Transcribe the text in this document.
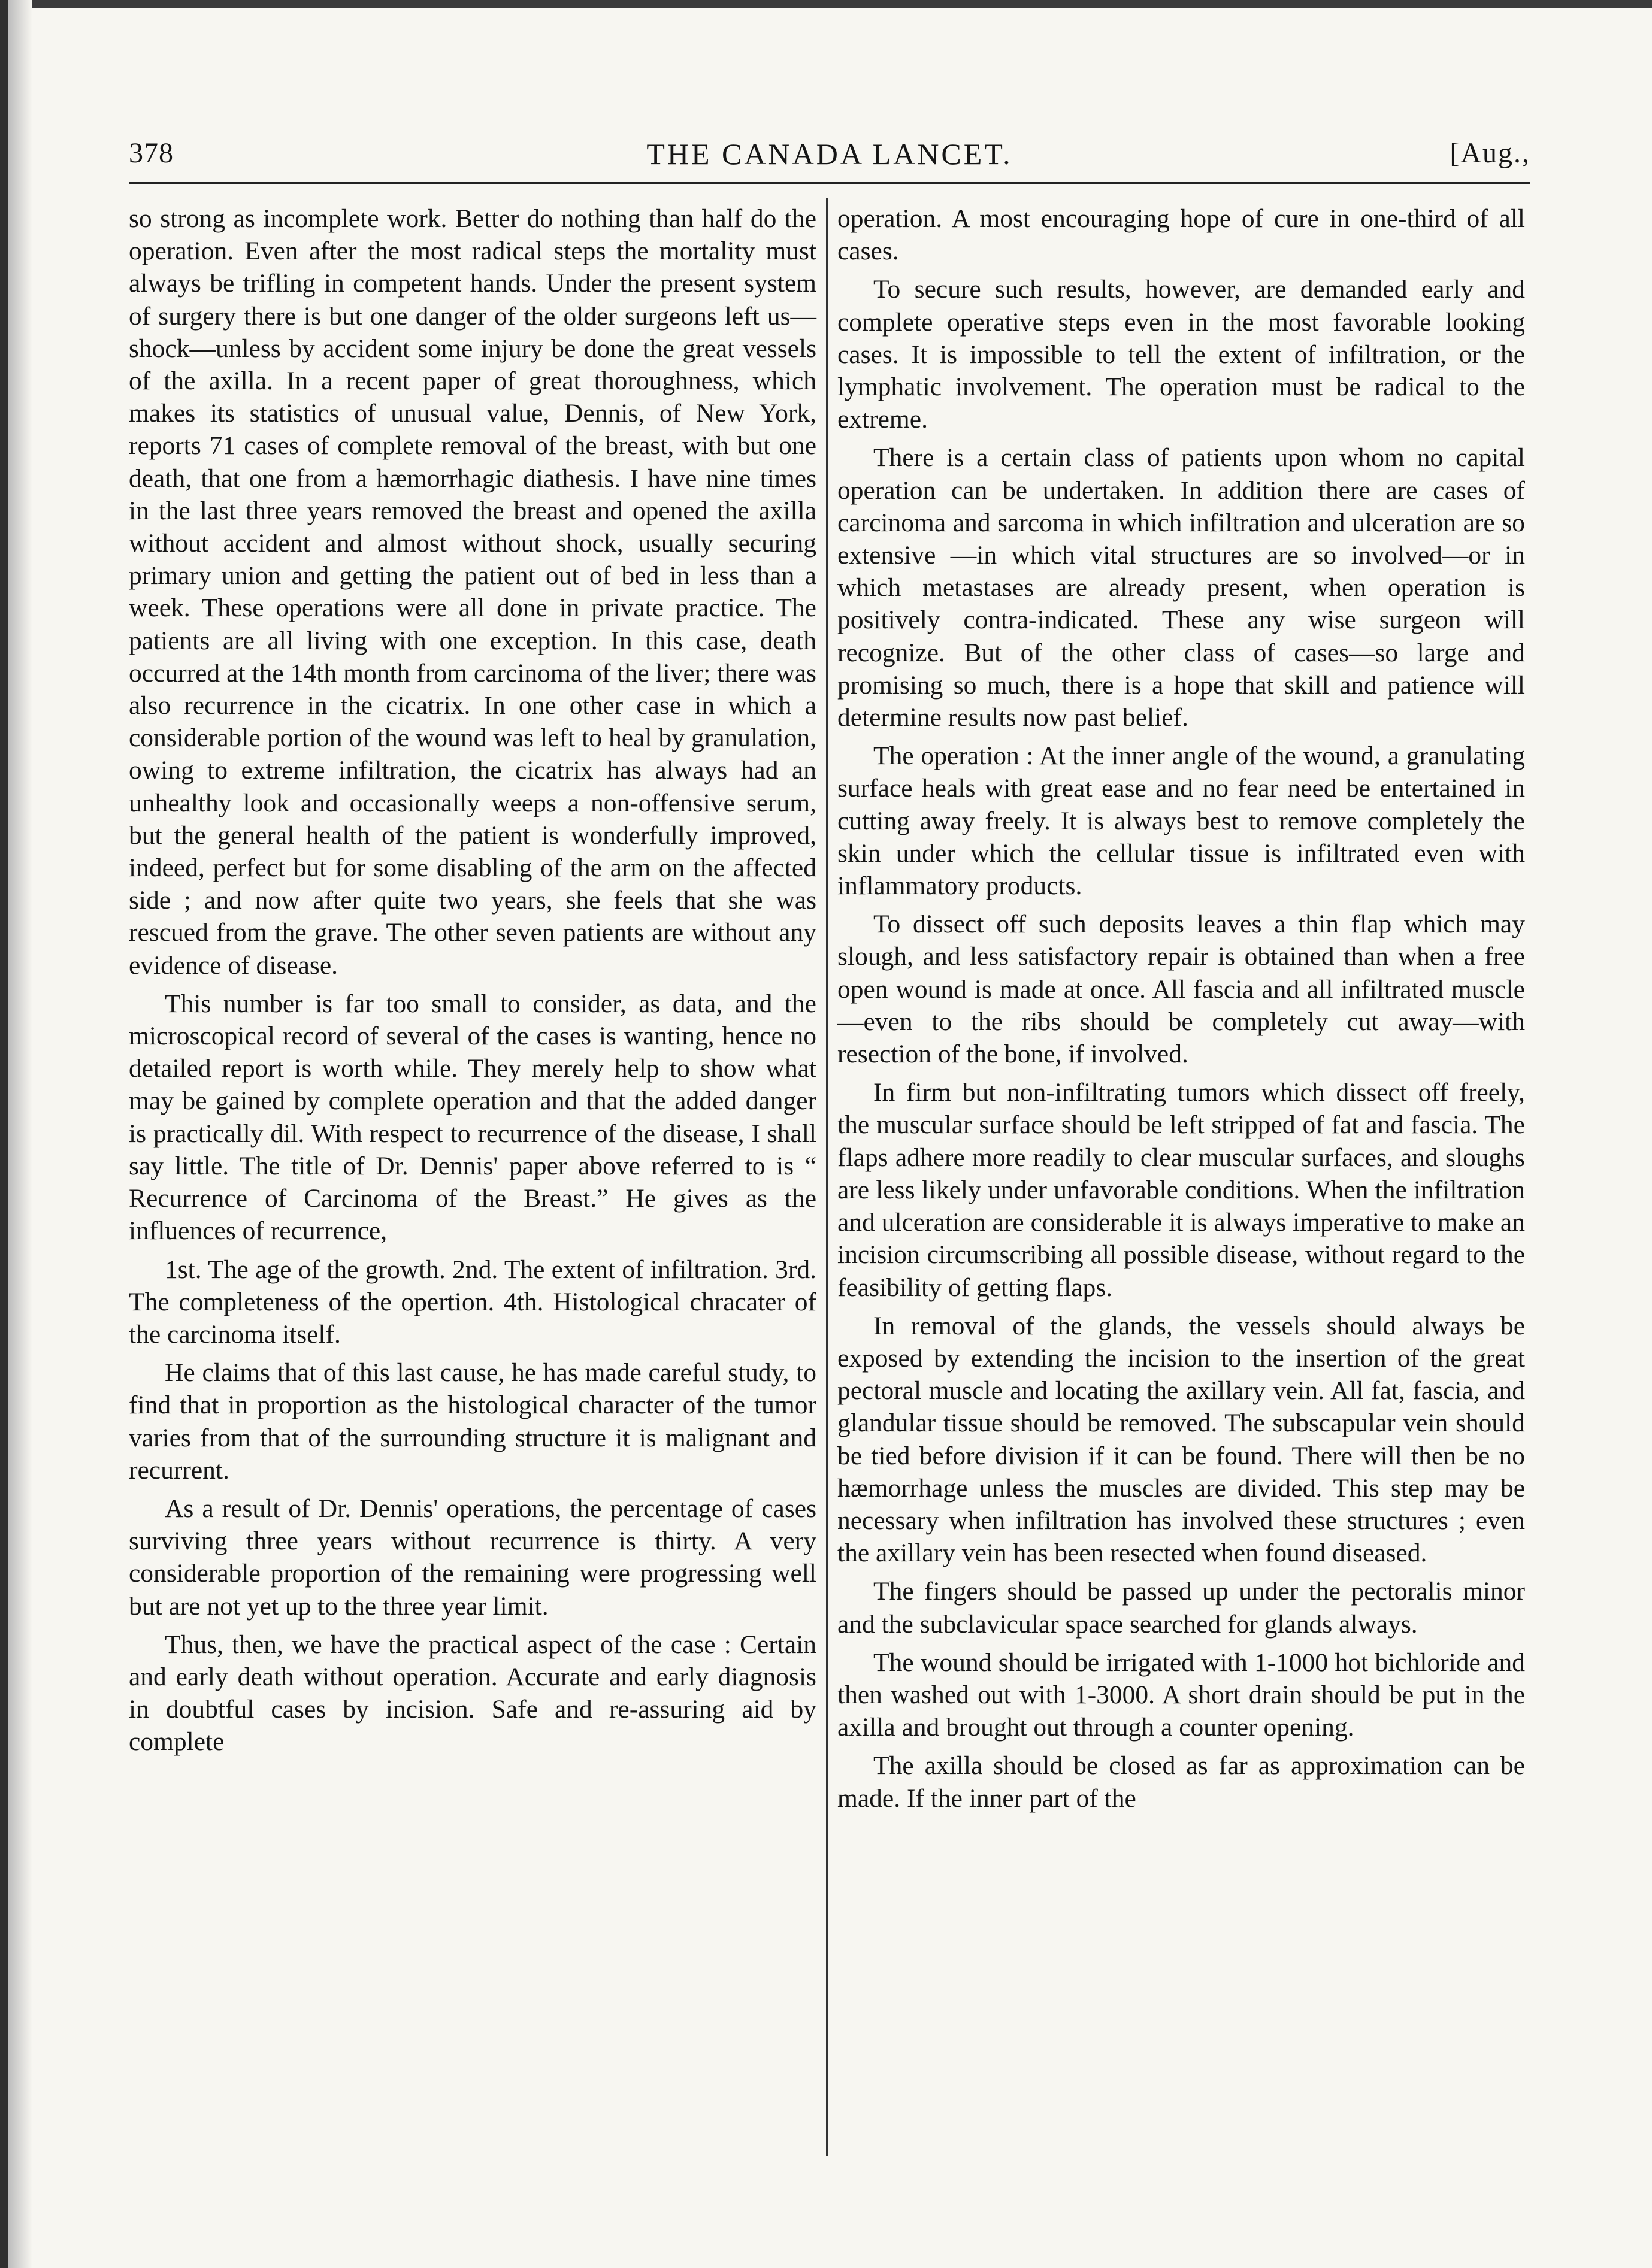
378	THE CANADA LANCET.	[Aug.,

so strong as incomplete work. Better do nothing than half do the operation. Even after the most radical steps the mortality must always be trifling in competent hands. Under the present system of surgery there is but one danger of the older surgeons left us—shock—unless by accident some injury be done the great vessels of the axilla. In a recent paper of great thoroughness, which makes its statistics of unusual value, Dennis, of New York, reports 71 cases of complete removal of the breast, with but one death, that one from a hæmorrhagic diathesis. I have nine times in the last three years removed the breast and opened the axilla without accident and almost without shock, usually securing primary union and getting the patient out of bed in less than a week. These operations were all done in private practice. The patients are all living with one exception. In this case, death occurred at the 14th month from carcinoma of the liver; there was also recurrence in the cicatrix. In one other case in which a considerable portion of the wound was left to heal by granulation, owing to extreme infiltration, the cicatrix has always had an unhealthy look and occasionally weeps a non-offensive serum, but the general health of the patient is wonderfully improved, indeed, perfect but for some disabling of the arm on the affected side ; and now after quite two years, she feels that she was rescued from the grave. The other seven patients are without any evidence of disease.

This number is far too small to consider, as data, and the microscopical record of several of the cases is wanting, hence no detailed report is worth while. They merely help to show what may be gained by complete operation and that the added danger is practically dil. With respect to recurrence of the disease, I shall say little. The title of Dr. Dennis' paper above referred to is “ Recurrence of Carcinoma of the Breast.” He gives as the influences of recurrence,

1st. The age of the growth. 2nd. The extent of infiltration. 3rd. The completeness of the opertion. 4th. Histological chracater of the carcinoma itself.

He claims that of this last cause, he has made careful study, to find that in proportion as the histological character of the tumor varies from that of the surrounding structure it is malignant and recurrent.

As a result of Dr. Dennis' operations, the percentage of cases surviving three years without recurrence is thirty. A very considerable proportion of the remaining were progressing well but are not yet up to the three year limit.

Thus, then, we have the practical aspect of the case : Certain and early death without operation. Accurate and early diagnosis in doubtful cases by incision. Safe and re-assuring aid by complete

operation. A most encouraging hope of cure in one-third of all cases.

To secure such results, however, are demanded early and complete operative steps even in the most favorable looking cases. It is impossible to tell the extent of infiltration, or the lymphatic involvement. The operation must be radical to the extreme.

There is a certain class of patients upon whom no capital operation can be undertaken. In addition there are cases of carcinoma and sarcoma in which infiltration and ulceration are so extensive —in which vital structures are so involved—or in which metastases are already present, when operation is positively contra-indicated. These any wise surgeon will recognize. But of the other class of cases—so large and promising so much, there is a hope that skill and patience will determine results now past belief.

The operation : At the inner angle of the wound, a granulating surface heals with great ease and no fear need be entertained in cutting away freely. It is always best to remove completely the skin under which the cellular tissue is infiltrated even with inflammatory products.

To dissect off such deposits leaves a thin flap which may slough, and less satisfactory repair is obtained than when a free open wound is made at once. All fascia and all infiltrated muscle—even to the ribs should be completely cut away—with resection of the bone, if involved.

In firm but non-infiltrating tumors which dissect off freely, the muscular surface should be left stripped of fat and fascia. The flaps adhere more readily to clear muscular surfaces, and sloughs are less likely under unfavorable conditions. When the infiltration and ulceration are considerable it is always imperative to make an incision circumscribing all possible disease, without regard to the feasibility of getting flaps.

In removal of the glands, the vessels should always be exposed by extending the incision to the insertion of the great pectoral muscle and locating the axillary vein. All fat, fascia, and glandular tissue should be removed. The subscapular vein should be tied before division if it can be found. There will then be no hæmorrhage unless the muscles are divided. This step may be necessary when infiltration has involved these structures ; even the axillary vein has been resected when found diseased.

The fingers should be passed up under the pectoralis minor and the subclavicular space searched for glands always.

The wound should be irrigated with 1-1000 hot bichloride and then washed out with 1-3000. A short drain should be put in the axilla and brought out through a counter opening.

The axilla should be closed as far as approximation can be made. If the inner part of the
